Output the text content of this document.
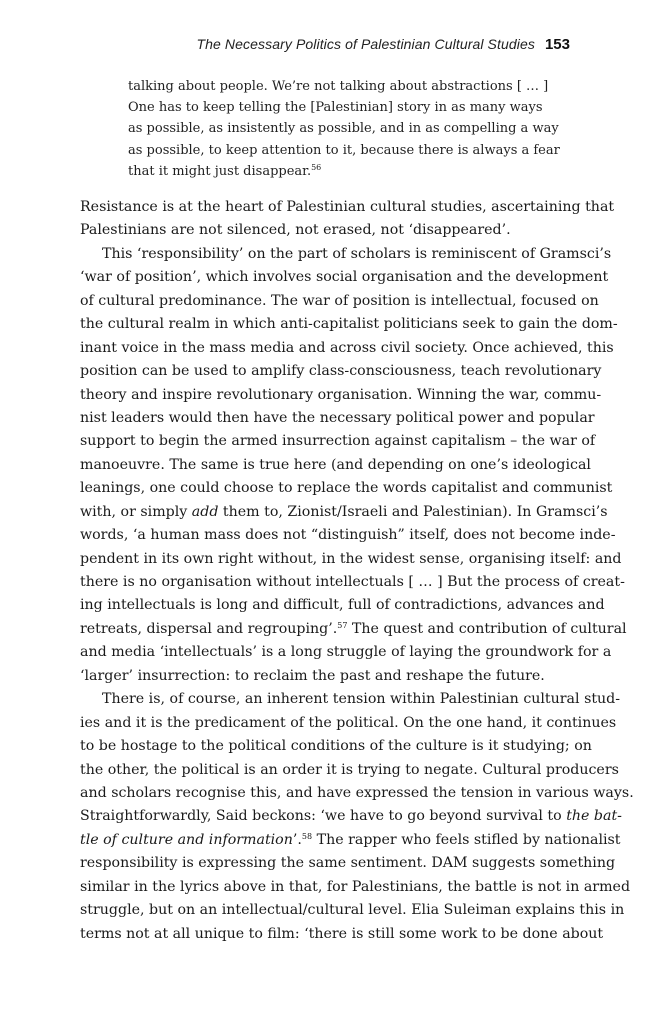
The Necessary Politics of Palestinian Cultural Studies 153
talking about people. We’re not talking about abstractions [ … ]
One has to keep telling the [Palestinian] story in as many ways
as possible, as insistently as possible, and in as compelling a way
as possible, to keep attention to it, because there is always a fear
that it might just disappear.$^{56}$
Resistance is at the heart of Palestinian cultural studies, ascertaining that
Palestinians are not silenced, not erased, not ‘disappeared’.
This ‘responsibility’ on the part of scholars is reminiscent of Gramsci’s
‘war of position’, which involves social organisation and the development
of cultural predominance. The war of position is intellectual, focused on
the cultural realm in which anti-capitalist politicians seek to gain the dom-
inant voice in the mass media and across civil society. Once achieved, this
position can be used to amplify class-consciousness, teach revolutionary
theory and inspire revolutionary organisation. Winning the war, commu-
nist leaders would then have the necessary political power and popular
support to begin the armed insurrection against capitalism – the war of
manoeuvre. The same is true here (and depending on one’s ideological
leanings, one could choose to replace the words capitalist and communist
with, or simply add them to, Zionist/Israeli and Palestinian). In Gramsci’s
words, ‘a human mass does not “distinguish” itself, does not become inde-
pendent in its own right without, in the widest sense, organising itself: and
there is no organisation without intellectuals [ … ] But the process of creat-
ing intellectuals is long and difficult, full of contradictions, advances and
retreats, dispersal and regrouping’.$^{57}$ The quest and contribution of cultural
and media ‘intellectuals’ is a long struggle of laying the groundwork for a
‘larger’ insurrection: to reclaim the past and reshape the future.
There is, of course, an inherent tension within Palestinian cultural stud-
ies and it is the predicament of the political. On the one hand, it continues
to be hostage to the political conditions of the culture is it studying; on
the other, the political is an order it is trying to negate. Cultural producers
and scholars recognise this, and have expressed the tension in various ways.
Straightforwardly, Said beckons: ‘we have to go beyond survival to the bat-
tle of culture and information’.$^{58}$ The rapper who feels stifled by nationalist
responsibility is expressing the same sentiment. DAM suggests something
similar in the lyrics above in that, for Palestinians, the battle is not in armed
struggle, but on an intellectual/cultural level. Elia Suleiman explains this in
terms not at all unique to film: ‘there is still some work to be done about
